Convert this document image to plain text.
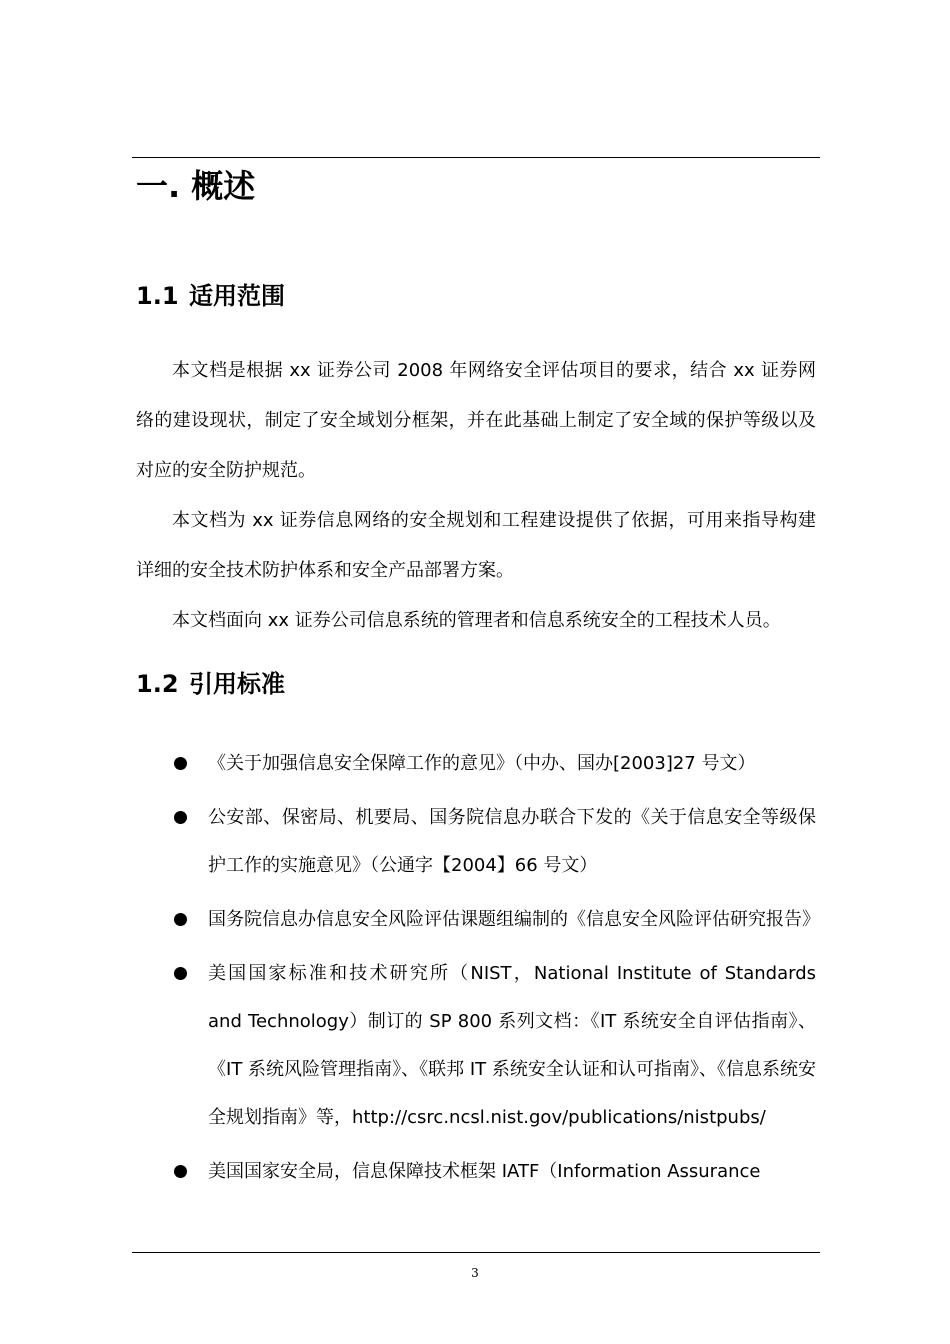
一. 概述
1.1 适用范围
本文档是根据 xx 证券公司 2008 年网络安全评估项目的要求，结合 xx 证券网络的建设现状，制定了安全域划分框架，并在此基础上制定了安全域的保护等级以及对应的安全防护规范。
本文档为 xx 证券信息网络的安全规划和工程建设提供了依据，可用来指导构建详细的安全技术防护体系和安全产品部署方案。
本文档面向 xx 证券公司信息系统的管理者和信息系统安全的工程技术人员。
1.2 引用标准
《关于加强信息安全保障工作的意见》（中办、国办[2003]27 号文）
公安部、保密局、机要局、国务院信息办联合下发的《关于信息安全等级保护工作的实施意见》（公通字【2004】66 号文）
国务院信息办信息安全风险评估课题组编制的《信息安全风险评估研究报告》
美国国家标准和技术研究所（NIST，National Institute of Standards and Technology）制订的 SP 800 系列文档：《IT 系统安全自评估指南》、《IT 系统风险管理指南》、《联邦 IT 系统安全认证和认可指南》、《信息系统安全规划指南》等，http://csrc.ncsl.nist.gov/publications/nistpubs/
美国国家安全局，信息保障技术框架 IATF（Information Assurance
3
